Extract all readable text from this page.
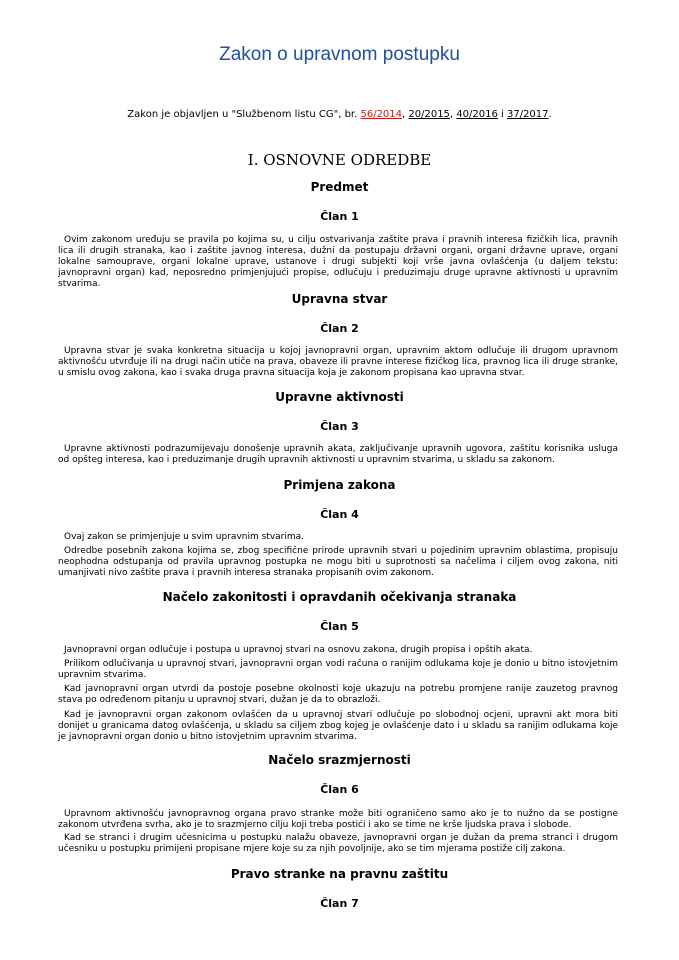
Zakon o upravnom postupku
Zakon je objavljen u "Službenom listu CG", br. 56/2014, 20/2015, 40/2016 i 37/2017.
I. OSNOVNE ODREDBE
Predmet
Član 1
Ovim zakonom uređuju se pravila po kojima su, u cilju ostvarivanja zaštite prava i pravnih interesa fizičkih lica, pravnih lica ili drugih stranaka, kao i zaštite javnog interesa, dužni da postupaju državni organi, organi državne uprave, organi lokalne samouprave, organi lokalne uprave, ustanove i drugi subjekti koji vrše javna ovlašćenja (u daljem tekstu: javnopravni organ) kad, neposredno primjenjujući propise, odlučuju i preduzimaju druge upravne aktivnosti u upravnim stvarima.
Upravna stvar
Član 2
Upravna stvar je svaka konkretna situacija u kojoj javnopravni organ, upravnim aktom odlučuje ili drugom upravnom aktivnošću utvrđuje ili na drugi način utiče na prava, obaveze ili pravne interese fizičkog lica, pravnog lica ili druge stranke, u smislu ovog zakona, kao i svaka druga pravna situacija koja je zakonom propisana kao upravna stvar.
Upravne aktivnosti
Član 3
Upravne aktivnosti podrazumijevaju donošenje upravnih akata, zaključivanje upravnih ugovora, zaštitu korisnika usluga od opšteg interesa, kao i preduzimanje drugih upravnih aktivnosti u upravnim stvarima, u skladu sa zakonom.
Primjena zakona
Član 4
Ovaj zakon se primjenjuje u svim upravnim stvarima.
Odredbe posebnih zakona kojima se, zbog specifične prirode upravnih stvari u pojedinim upravnim oblastima, propisuju neophodna odstupanja od pravila upravnog postupka ne mogu biti u suprotnosti sa načelima i ciljem ovog zakona, niti umanjivati nivo zaštite prava i pravnih interesa stranaka propisanih ovim zakonom.
Načelo zakonitosti i opravdanih očekivanja stranaka
Član 5
Javnopravni organ odlučuje i postupa u upravnoj stvari na osnovu zakona, drugih propisa i opštih akata.
Prilikom odlučivanja u upravnoj stvari, javnopravni organ vodi računa o ranijim odlukama koje je donio u bitno istovjetnim upravnim stvarima.
Kad javnopravni organ utvrdi da postoje posebne okolnosti koje ukazuju na potrebu promjene ranije zauzetog pravnog stava po određenom pitanju u upravnoj stvari, dužan je da to obrazloži.
Kad je javnopravni organ zakonom ovlašćen da u upravnoj stvari odlučuje po slobodnoj ocjeni, upravni akt mora biti donijet u granicama datog ovlašćenja, u skladu sa ciljem zbog kojeg je ovlašćenje dato i u skladu sa ranijim odlukama koje je javnopravni organ donio u bitno istovjetnim upravnim stvarima.
Načelo srazmjernosti
Član 6
Upravnom aktivnošću javnopravnog organa pravo stranke može biti ograničeno samo ako je to nužno da se postigne zakonom utvrđena svrha, ako je to srazmjerno cilju koji treba postići i ako se time ne krše ljudska prava i slobode.
Kad se stranci i drugim učesnicima u postupku nalažu obaveze, javnopravni organ je dužan da prema stranci i drugom učesniku u postupku primijeni propisane mjere koje su za njih povoljnije, ako se tim mjerama postiže cilj zakona.
Pravo stranke na pravnu zaštitu
Član 7
